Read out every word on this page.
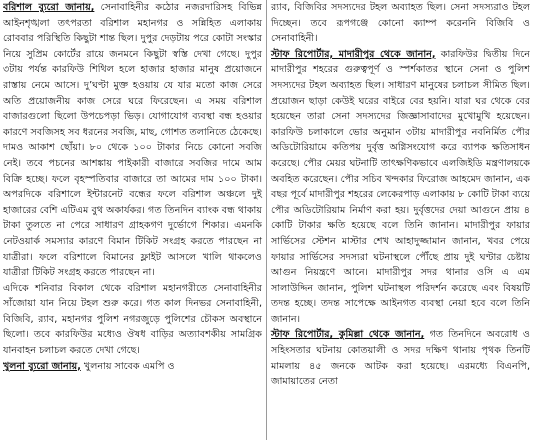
বরিশাল ব্যুরো জানায়, সেনাবাহিনীর কঠোর নজরদারিসহ বিভিন্ন আইনশৃঙ্খলা তৎপরতা বরিশাল মহানগর ও সন্নিহিত এলাকায় রোববার পরিস্থিতি কিছুটা শান্ত ছিল। দুপুর দেড়টায় পরে কোটা সংস্কার নিয়ে সুপ্রিম কোর্টের রায়ে জনমনে কিছুটা স্বস্তি দেখা গেছে। দুপুর ৩টায় পর্যন্ত কারফিউ শিথিল হলে হাজার হাজার মানুষ প্রয়োজনে রাস্তায় নেমে আসে। দু’ঘণ্টা মুক্ত হওয়ায় যে যার মতো কাজ সেরে অতি প্রয়োজনীয় কাজ সেরে ঘরে ফিরেছেন। এ সময় বরিশাল বাজারগুলো ছিলো উপচেপড়া ভিড়। যোগাযোগ ব্যবস্থা বন্ধ হওয়ার কারণে সবজিসহ সব ধরনের সবজি, মাছ, গোশত তলানিতে ঠেকেছে। দামও আকাশ ছোঁয়া। ৮০ থেকে ১০০ টাকার নিচে কোনো সবজি নেই। তবে পচনের আশঙ্কায় পাইকারী বাজারে সবজির দামে আম বিক্রি হচ্ছে। ফলে বৃহস্পতিবার বাজারে তা আমের দাম ১০০ টাকা। অপরদিকে বরিশালে ইন্টারনেট বন্ধের ফলে বরিশাল অঞ্চলে দুই হাজারের বেশি এটিএম বুথ অকার্যকর। গত তিনদিন ব্যাংক বন্ধ থাকায় টাকা তুলতে না পেরে সাধারণ গ্রাহকগণ দুর্ভোগে শিকার। এমনকি নেটওয়ার্ক সমস্যার কারণে বিমান টিকিট সংগ্রহ করতে পারছেন না যাত্রীরা। ফলে বরিশালে বিমানের ফ্লাইট আসলে খালি থাকলেও যাত্রীরা টিকিট সংগ্রহ করতে পারছেন না।

এদিকে শনিবার বিকাল থেকে বরিশাল মহানগরীতে সেনাবাহিনীর সাঁজোয়া যান নিয়ে টহল শুরু করে। গত কাল দিনভর সেনাবাহিনী, বিজিবি, র‌্যাব, মহানগর পুলিশ নগরজুড়ে পুলিশের চৌকস অবস্থানে ছিলো। তবে কারফিউর মধ্যেও ঔষধ বাড়ির অত্যাবশকীয় সামগ্রিক যানবাহন চলাচল করতে দেখা গেছে।

খুলনা ব্যুরো জানায়, খুলনায় সাবেক এমপি ও

র‌্যাব, বিজিবির সদস্যদের টহল অব্যাহত ছিল। সেনা সদস্যরাও টহল দিচ্ছেন। তবে রূপগঞ্জে কোনো ক্যাম্প করেননি বিজিবি ও সেনাবাহিনী।

স্টাফ রিপোর্টার, মাদারীপুর থেকে জানান, কারফিউর দ্বিতীয় দিনে মাদারীপুর শহরের গুরুত্বপূর্ণ ও স্পর্শকাতর স্থানে সেনা ও পুলিশ সদস্যদের টহল অব্যাহত ছিল। সাধারণ মানুষের চলাচল সীমিত ছিল। প্রয়োজন ছাড়া কেউই ঘরের বাইরে বের হয়নি। যারা ঘর থেকে বের হয়েছেন তারা সেনা সদস্যদের জিজ্ঞাসাবাদের মুখোমুখি হয়েছেন। কারফিউ চলাকালে ভোর অনুমান ৩টায় মাদারীপুর নবনির্মিত পৌর অডিটোরিয়ামে কতিপয় দুর্বৃত্ত অগ্নিসংযোগ করে ব্যাপক ক্ষতিসাধন করেছে। পৌর মেয়র ঘটনাটি তাৎক্ষণিকভাবে এলজিইডি মন্ত্রণালয়কে অবহিত করেছেন। পৌর সচিব খন্দকার ফিরোজ আহমেদ জানান, এক বছর পূর্বে মাদারীপুর শহরের লেকেরপাড় এলাকায় ৮ কোটি টাকা ব্যয়ে পৌর অডিটোরিয়াম নির্মাণ করা হয়। দুর্বৃত্তদের দেয়া আগুনে প্রায় ৪ কোটি টাকার ক্ষতি হয়েছে বলে তিনি জানান। মাদারীপুর ফায়ার সার্ভিসের স্টেশন মাস্টার শেখ আহাদুজ্জামান জানান, খবর পেয়ে ফায়ার সার্ভিসের সদস্যরা ঘটনাস্থলে পৌঁছে প্রায় দুই ঘণ্টার চেষ্টায় আগুন নিয়ন্ত্রণে আনে। মাদারীপুর সদর থানার ওসি এ এম সালাউদ্দিন জানান, পুলিশ ঘটনাস্থল পরিদর্শন করেছে এবং বিষয়টি তদন্ত হচ্ছে। তদন্ত সাপেক্ষে আইনগত ব্যবস্থা নেয়া হবে বলে তিনি জানান।

স্টাফ রিপোর্টার, কুমিল্লা থেকে জানান, গত তিনদিনে অবরোধ ও সহিংসতার ঘটনায় কোতয়ালী ও সদর দক্ষিণ থানায় পৃথক তিনটি মামলায় ৪৫ জনকে আটক করা হয়েছে। এরমধ্যে বিএনপি, জামায়াতের নেতা
